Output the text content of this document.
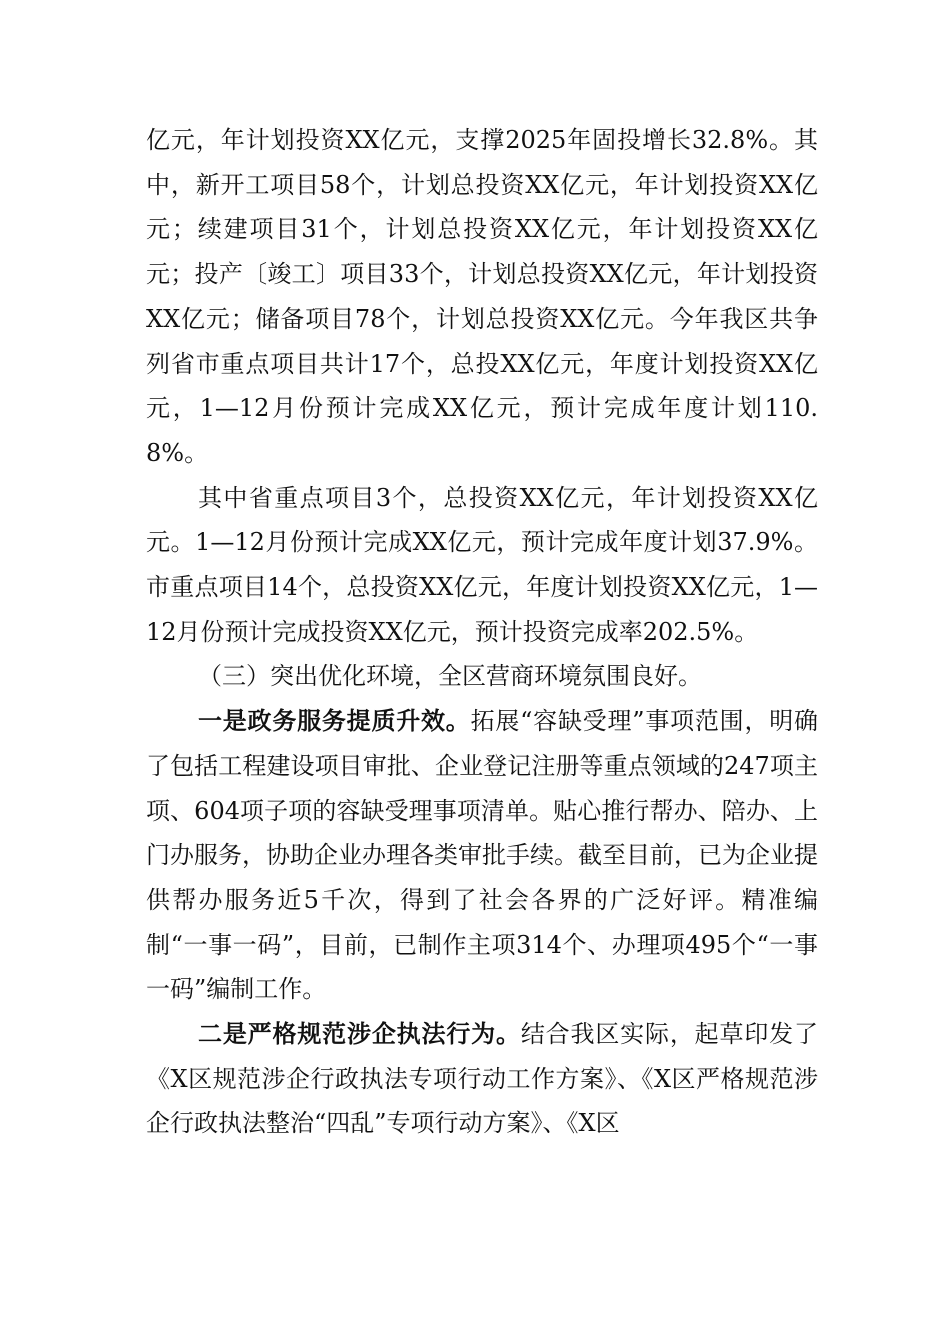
亿元，年计划投资XX亿元，支撑2025年固投增长32.8%。其中，新开工项目58个，计划总投资XX亿元，年计划投资XX亿元；续建项目31个，计划总投资XX亿元，年计划投资XX亿元；投产〔竣工〕项目33个，计划总投资XX亿元，年计划投资XX亿元；储备项目78个，计划总投资XX亿元。今年我区共争列省市重点项目共计17个，总投XX亿元，年度计划投资XX亿元，1—12月份预计完成XX亿元，预计完成年度计划110.8%。

其中省重点项目3个，总投资XX亿元，年计划投资XX亿元。1—12月份预计完成XX亿元，预计完成年度计划37.9%。市重点项目14个，总投资XX亿元，年度计划投资XX亿元，1—12月份预计完成投资XX亿元，预计投资完成率202.5%。

（三）突出优化环境，全区营商环境氛围良好。

一是政务服务提质升效。拓展“容缺受理”事项范围，明确了包括工程建设项目审批、企业登记注册等重点领域的247项主项、604项子项的容缺受理事项清单。贴心推行帮办、陪办、上门办服务，协助企业办理各类审批手续。截至目前，已为企业提供帮办服务近5千次，得到了社会各界的广泛好评。精准编制“一事一码”，目前，已制作主项314个、办理项495个“一事一码”编制工作。

二是严格规范涉企执法行为。结合我区实际，起草印发了《X区规范涉企行政执法专项行动工作方案》、《X区严格规范涉企行政执法整治“四乱”专项行动方案》、《X区
